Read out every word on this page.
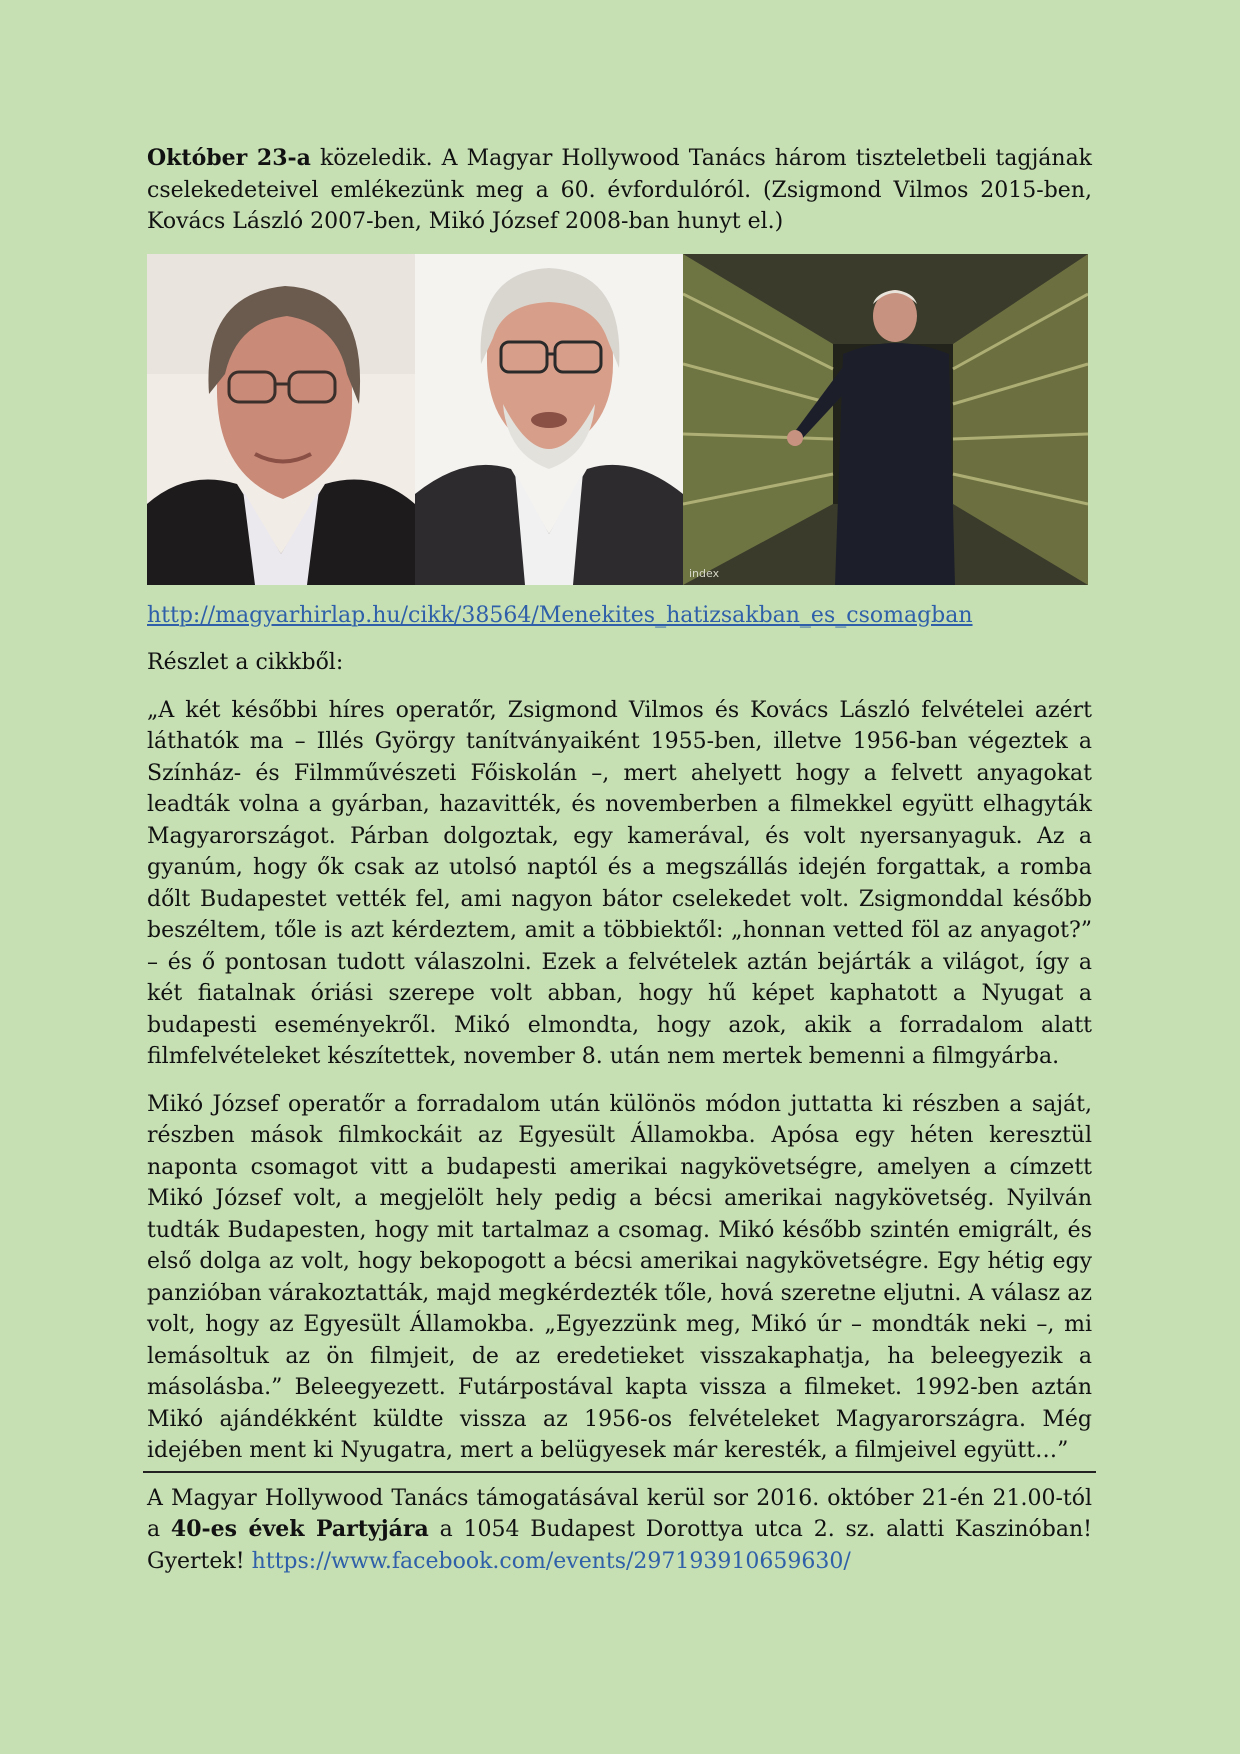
Október 23-a közeledik. A Magyar Hollywood Tanács három tiszteletbeli tagjának cselekedeteivel emlékezünk meg a 60. évfordulóról. (Zsigmond Vilmos 2015-ben, Kovács László 2007-ben, Mikó József 2008-ban hunyt el.)

index

http://magyarhirlap.hu/cikk/38564/Menekites_hatizsakban_es_csomagban

Részlet a cikkből:

„A két későbbi híres operatőr, Zsigmond Vilmos és Kovács László felvételei azért láthatók ma – Illés György tanítványaiként 1955-ben, illetve 1956-ban végeztek a Színház- és Filmművészeti Főiskolán –, mert ahelyett hogy a felvett anyagokat leadták volna a gyárban, hazavitték, és novemberben a filmekkel együtt elhagyták Magyarországot. Párban dolgoztak, egy kamerával, és volt nyersanyaguk. Az a gyanúm, hogy ők csak az utolsó naptól és a megszállás idején forgattak, a romba dőlt Budapestet vették fel, ami nagyon bátor cselekedet volt. Zsigmonddal később beszéltem, tőle is azt kérdeztem, amit a többiektől: „honnan vetted föl az anyagot?” – és ő pontosan tudott válaszolni. Ezek a felvételek aztán bejárták a világot, így a két fiatalnak óriási szerepe volt abban, hogy hű képet kaphatott a Nyugat a budapesti eseményekről. Mikó elmondta, hogy azok, akik a forradalom alatt filmfelvételeket készítettek, november 8. után nem mertek bemenni a filmgyárba.

Mikó József operatőr a forradalom után különös módon juttatta ki részben a saját, részben mások filmkockáit az Egyesült Államokba. Apósa egy héten keresztül naponta csomagot vitt a budapesti amerikai nagykövetségre, amelyen a címzett Mikó József volt, a megjelölt hely pedig a bécsi amerikai nagykövetség. Nyilván tudták Budapesten, hogy mit tartalmaz a csomag. Mikó később szintén emigrált, és első dolga az volt, hogy bekopogott a bécsi amerikai nagykövetségre. Egy hétig egy panzióban várakoztatták, majd megkérdezték tőle, hová szeretne eljutni. A válasz az volt, hogy az Egyesült Államokba. „Egyezzünk meg, Mikó úr – mondták neki –, mi lemásoltuk az ön filmjeit, de az eredetieket visszakaphatja, ha beleegyezik a másolásba.” Beleegyezett. Futárpostával kapta vissza a filmeket. 1992-ben aztán Mikó ajándékként küldte vissza az 1956-os felvételeket Magyarországra. Még idejében ment ki Nyugatra, mert a belügyesek már keresték, a filmjeivel együtt…”

A Magyar Hollywood Tanács támogatásával kerül sor 2016. október 21-én 21.00-tól a 40-es évek Partyjára a 1054 Budapest Dorottya utca 2. sz. alatti Kaszinóban! Gyertek! https://www.facebook.com/events/297193910659630/
